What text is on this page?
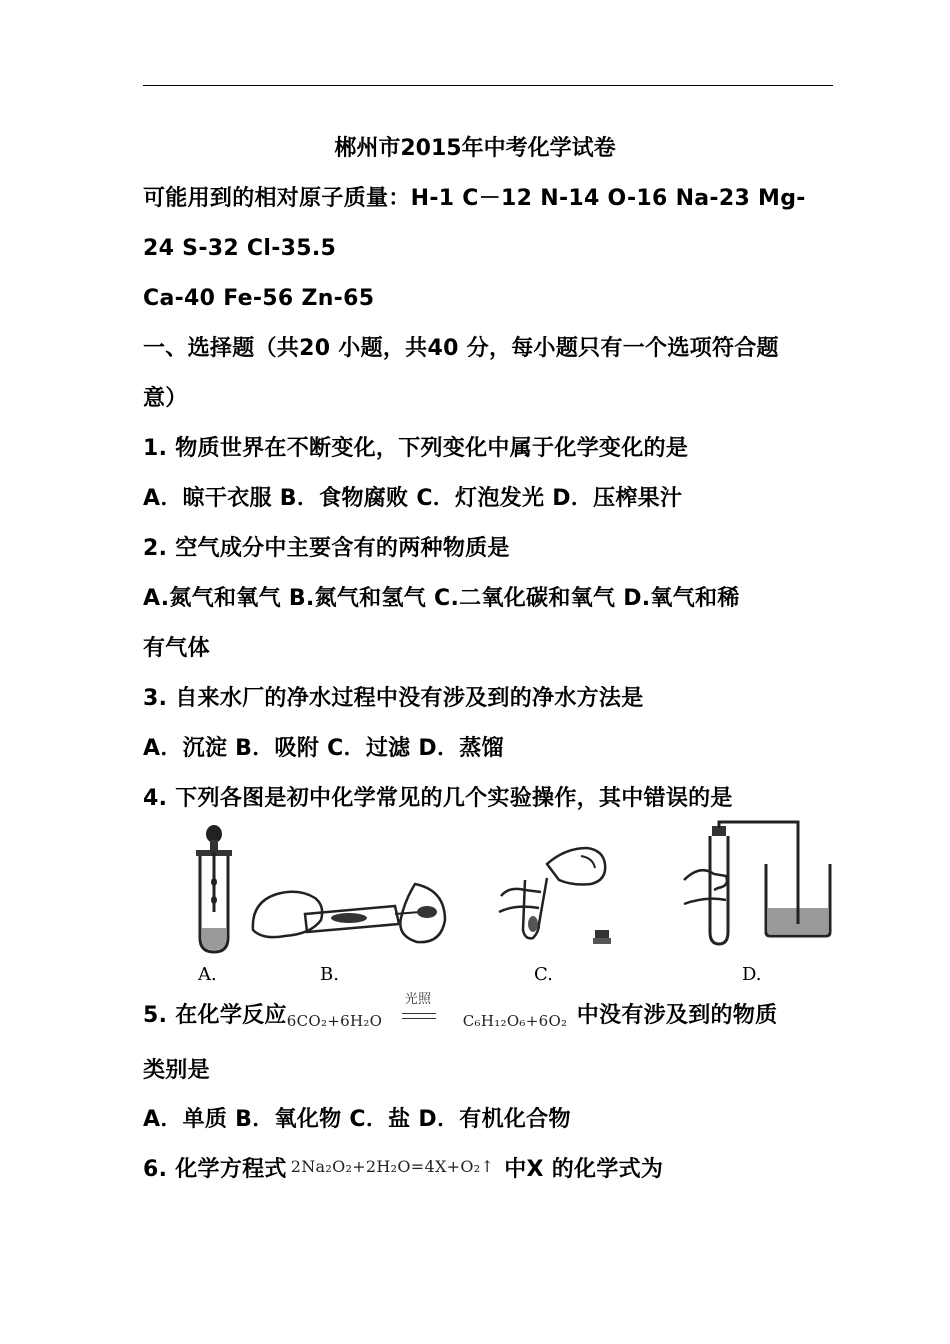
郴州市2015年中考化学试卷
可能用到的相对原子质量：H-1 C－12 N-14 O-16 Na-23 Mg-
24 S-32 Cl-35.5
Ca-40 Fe-56 Zn-65
一、选择题（共20 小题，共40 分，每小题只有一个选项符合题
意）
1. 物质世界在不断变化，下列变化中属于化学变化的是
A．晾干衣服 B．食物腐败 C．灯泡发光 D．压榨果汁
2. 空气成分中主要含有的两种物质是
A.氮气和氧气 B.氮气和氢气 C.二氧化碳和氧气 D.氧气和稀
有气体
3. 自来水厂的净水过程中没有涉及到的净水方法是
A．沉淀 B．吸附 C．过滤 D．蒸馏
4. 下列各图是初中化学常见的几个实验操作，其中错误的是
A.	B.	C.	D.
5. 在化学反应 6CO₂+6H₂O
光照
C₆H₁₂O₆+6O₂ 中没有涉及到的物质
类别是
A．单质 B．氧化物 C．盐 D．有机化合物
6. 化学方程式 2Na₂O₂+2H₂O=4X+O₂↑ 中X 的化学式为
